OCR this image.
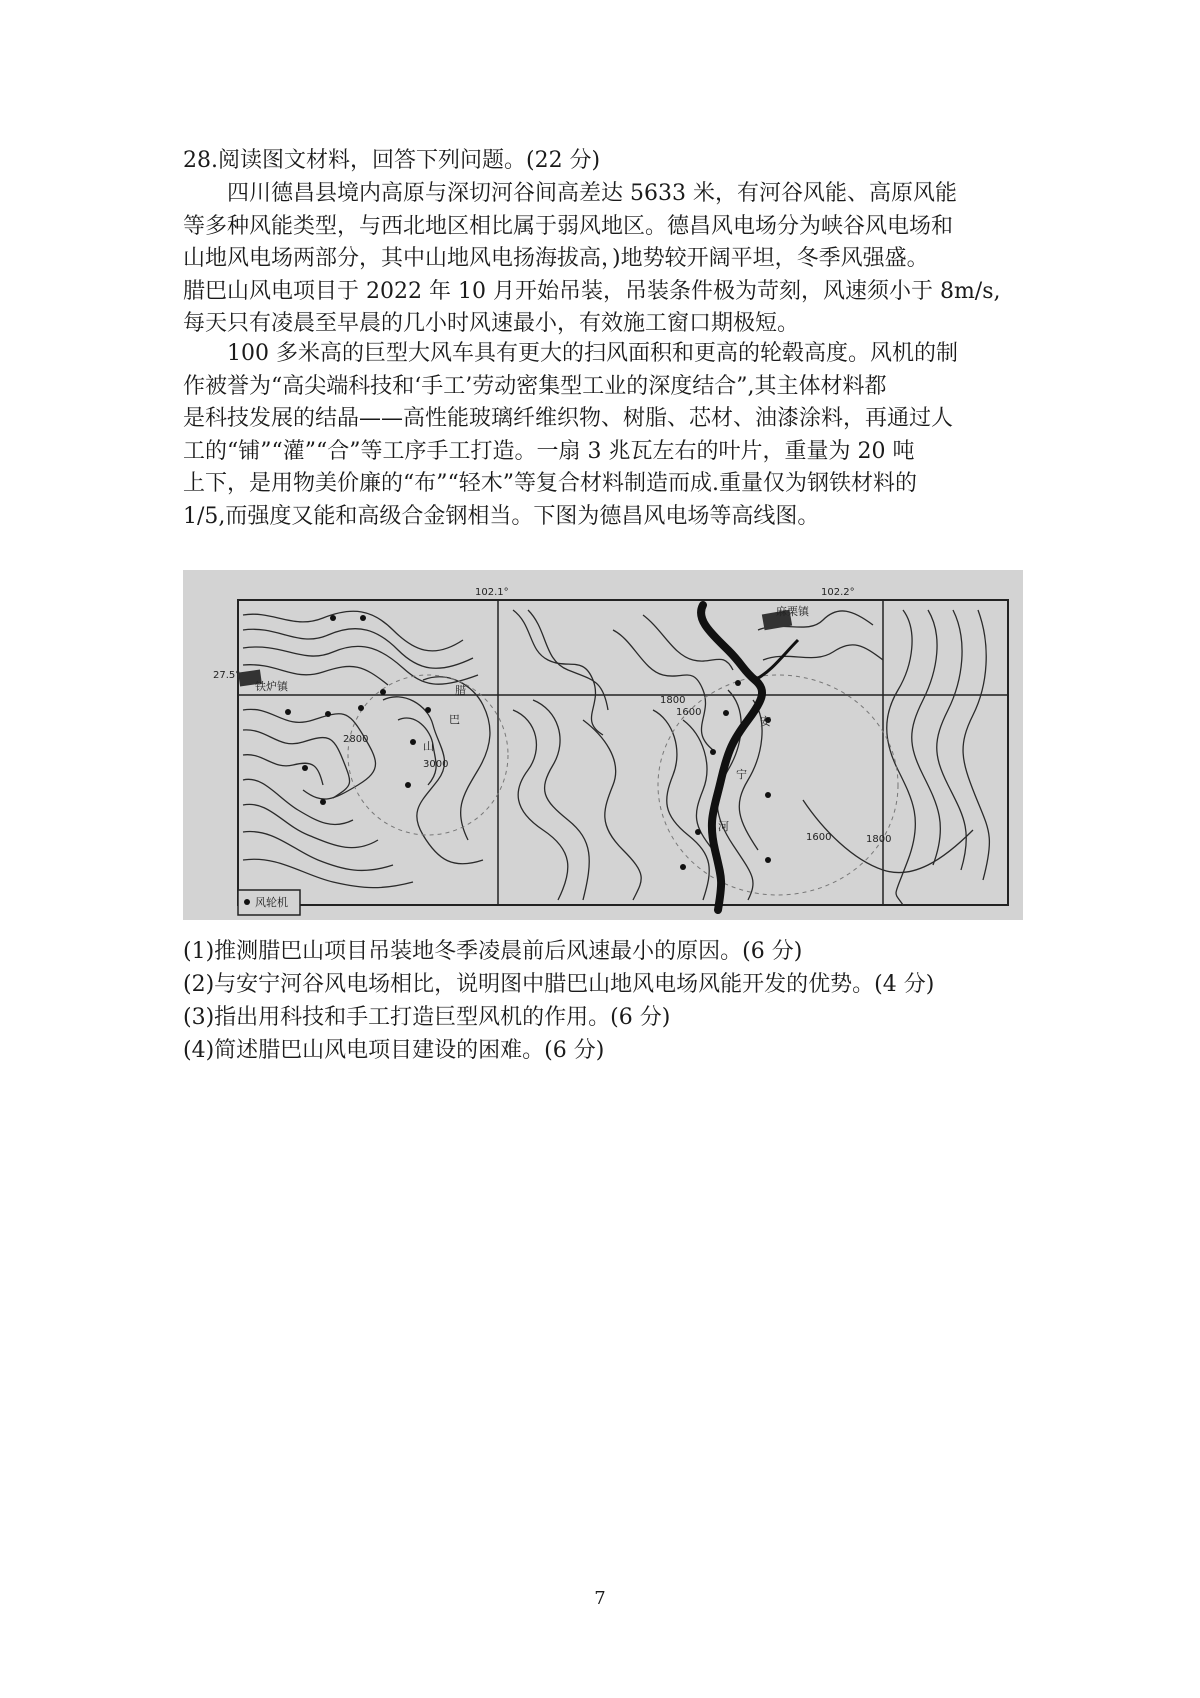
28.阅读图文材料，回答下列问题。(22 分)
四川德昌县境内高原与深切河谷间高差达 5633 米，有河谷风能、高原风能
等多种风能类型，与西北地区相比属于弱风地区。德昌风电场分为峡谷风电场和
山地风电场两部分，其中山地风电扬海拔高，)地势较开阔平坦，冬季风强盛。
腊巴山风电项目于 2022 年 10 月开始吊装，吊装条件极为苛刻，风速须小于 8m/s,
每天只有凌晨至早晨的几小时风速最小，有效施工窗口期极短。
100 多米高的巨型大风车具有更大的扫风面积和更高的轮毂高度。风机的制
作被誉为“高尖端科技和‘手工’劳动密集型工业的深度结合”,其主体材料都
是科技发展的结晶——高性能玻璃纤维织物、树脂、芯材、油漆涂料，再通过人
工的“铺”“灌”“合”等工序手工打造。一扇 3 兆瓦左右的叶片，重量为 20 吨
上下，是用物美价廉的“布”“轻木”等复合材料制造而成.重量仅为钢铁材料的
1/5,而强度又能和高级合金钢相当。下图为德昌风电场等高线图。
102.1°	102.2°
27.5°
铁炉镇
麻栗镇
腊
巴
山
安
宁
河
2800
3000
1800
1600
1600	1800
风轮机
(1)推测腊巴山项目吊装地冬季凌晨前后风速最小的原因。(6 分)
(2)与安宁河谷风电场相比，说明图中腊巴山地风电场风能开发的优势。(4 分)
(3)指出用科技和手工打造巨型风机的作用。(6 分)
(4)简述腊巴山风电项目建设的困难。(6 分)
7
